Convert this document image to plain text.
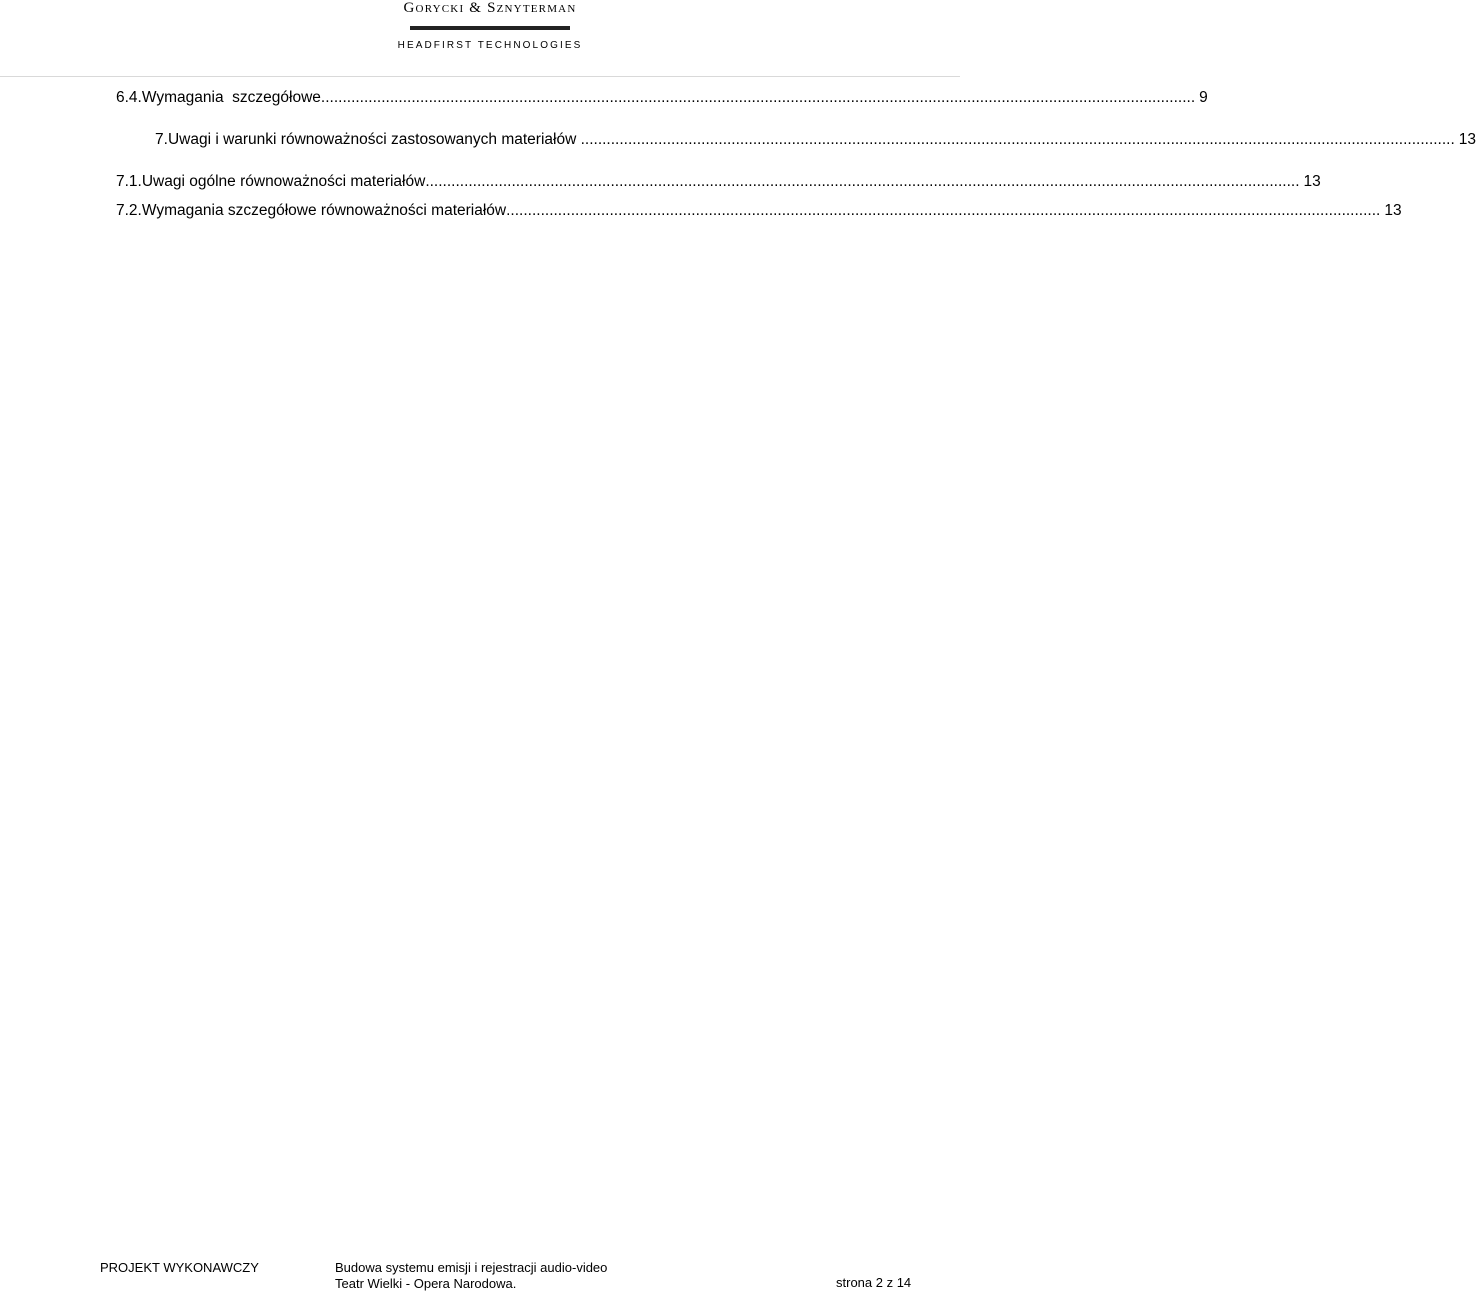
Gorycki & Sznyterman
HEADFIRST TECHNOLOGIES
6.4. Wymagania  szczegółowe ........................................................................................................................................................................................................... 9
7. Uwagi i warunki równoważności zastosowanych materiałów ........................................................................................................................................................................................................... 13
7.1. Uwagi ogólne równoważności materiałów ........................................................................................................................................................................................................... 13
7.2. Wymagania szczegółowe równoważności materiałów ........................................................................................................................................................................................................... 13
PROJEKT WYKONAWCZY	Budowa systemu emisji i rejestracji audio-video
Teatr Wielki - Opera Narodowa.	strona 2 z 14
